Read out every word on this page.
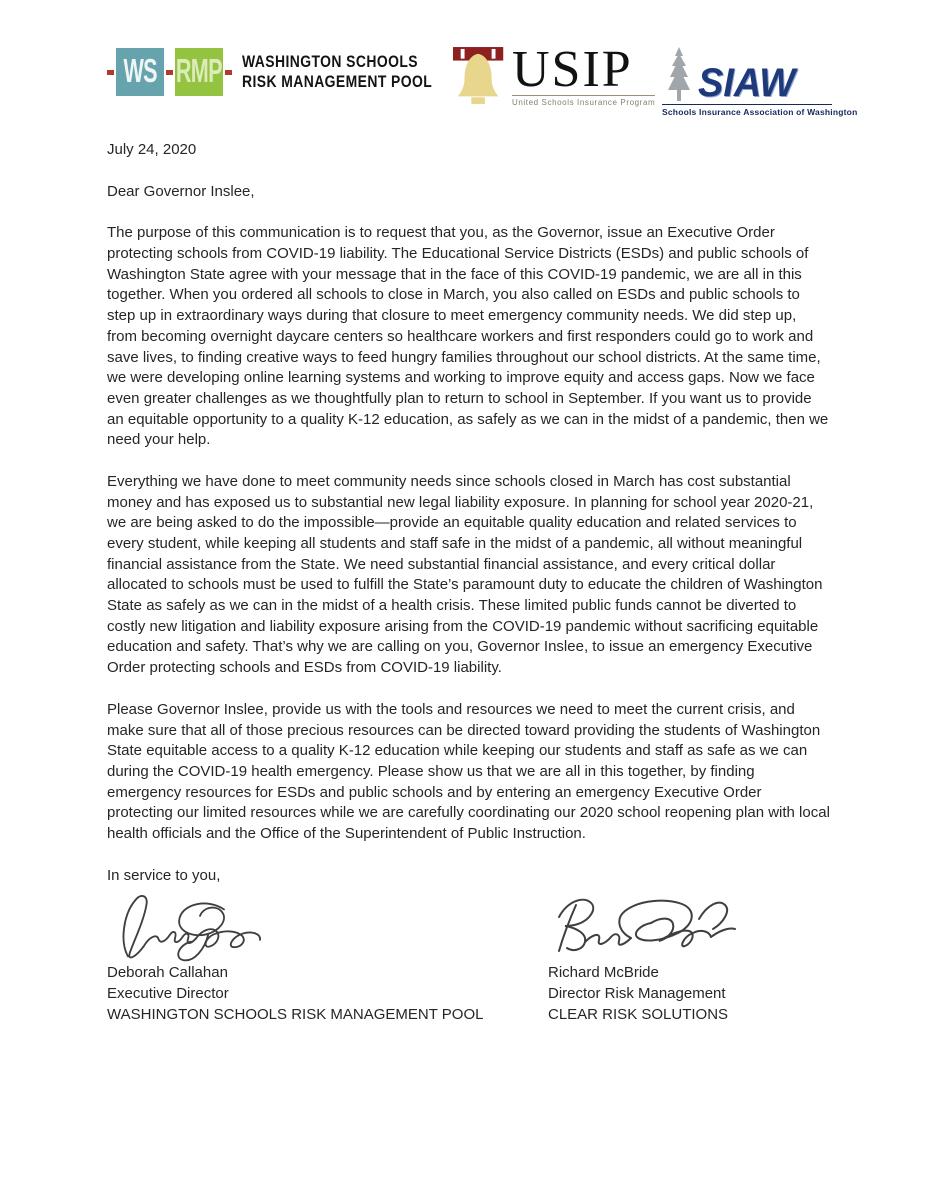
WS RMP WASHINGTON SCHOOLS
RISK MANAGEMENT POOL USIP
United Schools Insurance Program SIAW
Schools Insurance Association of Washington

July 24, 2020

Dear Governor Inslee,

The purpose of this communication is to request that you, as the Governor, issue an Executive Order protecting schools from COVID-19 liability. The Educational Service Districts (ESDs) and public schools of Washington State agree with your message that in the face of this COVID-19 pandemic, we are all in this together. When you ordered all schools to close in March, you also called on ESDs and public schools to step up in extraordinary ways during that closure to meet emergency community needs. We did step up, from becoming overnight daycare centers so healthcare workers and first responders could go to work and save lives, to finding creative ways to feed hungry families throughout our school districts. At the same time, we were developing online learning systems and working to improve equity and access gaps. Now we face even greater challenges as we thoughtfully plan to return to school in September. If you want us to provide an equitable opportunity to a quality K-12 education, as safely as we can in the midst of a pandemic, then we need your help.

Everything we have done to meet community needs since schools closed in March has cost substantial money and has exposed us to substantial new legal liability exposure. In planning for school year 2020-21, we are being asked to do the impossible—provide an equitable quality education and related services to every student, while keeping all students and staff safe in the midst of a pandemic, all without meaningful financial assistance from the State. We need substantial financial assistance, and every critical dollar allocated to schools must be used to fulfill the State’s paramount duty to educate the children of Washington State as safely as we can in the midst of a health crisis. These limited public funds cannot be diverted to costly new litigation and liability exposure arising from the COVID-19 pandemic without sacrificing equitable education and safety. That’s why we are calling on you, Governor Inslee, to issue an emergency Executive Order protecting schools and ESDs from COVID-19 liability.

Please Governor Inslee, provide us with the tools and resources we need to meet the current crisis, and make sure that all of those precious resources can be directed toward providing the students of Washington State equitable access to a quality K-12 education while keeping our students and staff as safe as we can during the COVID-19 health emergency. Please show us that we are all in this together, by finding emergency resources for ESDs and public schools and by entering an emergency Executive Order protecting our limited resources while we are carefully coordinating our 2020 school reopening plan with local health officials and the Office of the Superintendent of Public Instruction.

In service to you,

Deborah Callahan
Executive Director
WASHINGTON SCHOOLS RISK MANAGEMENT POOL
Richard McBride
Director Risk Management
CLEAR RISK SOLUTIONS
